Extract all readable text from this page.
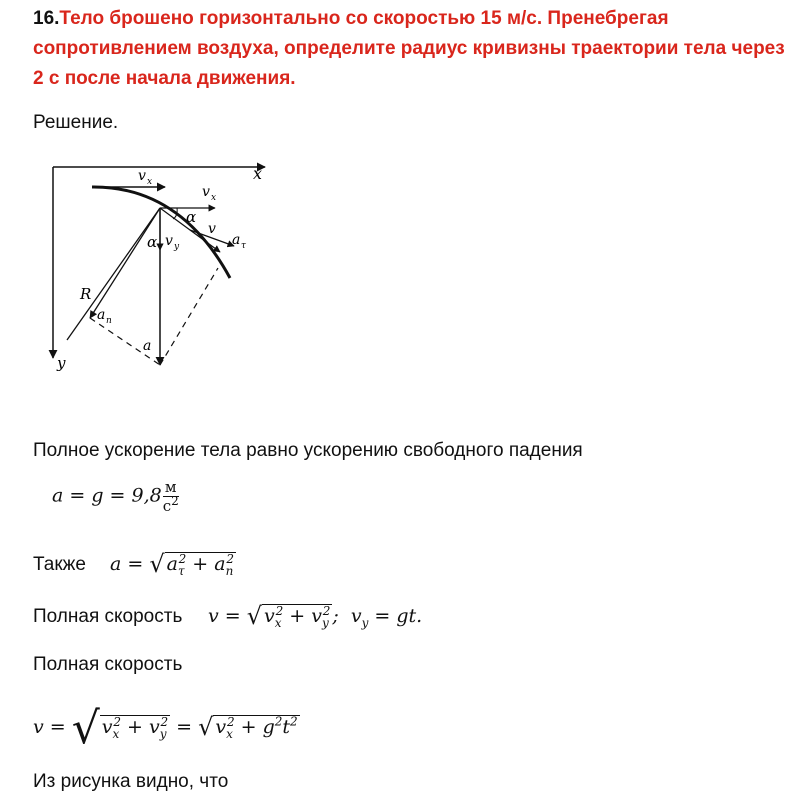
16.Тело брошено горизонтально со скоростью 15 м/с. Пренебрегая сопротивлением воздуха, определите радиус кривизны траектории тела через 2 с после начала движения.
Решение.
x
y
R
v x
v x
α
α
v
v y	a τ
a n
a
Полное ускорение тела равно ускорению свободного падения
$a = g = 9,8 \frac{м}{с^2}$
Также a = √ $a_\tau^2 + a_n^2$
Полная скорость v = √ $v_x^2 + v_y^2$ ;  $v_y$ = gt.
Полная скорость
v = √ $v_x^2 + v_y^2$ = √ $v_x^2 + g^2t^2$
Из рисунка видно, что
